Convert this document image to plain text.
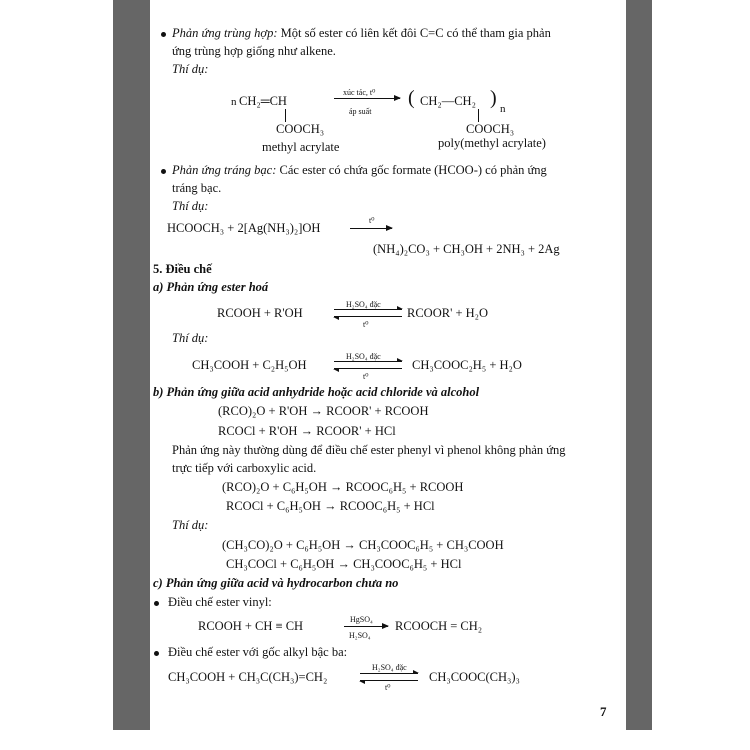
Phản ứng trùng hợp: Một số ester có liên kết đôi C=C có thể tham gia phản
ứng trùng hợp giống như alkene.
Thí dụ:
n CH₂═CH
COOCH₃
methyl acrylate
xúc tác, t⁰
áp suất
( CH₂—CH₂ ) n
COOCH₃
poly(methyl acrylate)
Phản ứng tráng bạc: Các ester có chứa gốc formate (HCOO-) có phản ứng
tráng bạc.
Thí dụ:
HCOOCH₃ + 2[Ag(NH₃)₂]OH
t⁰
(NH₄)₂CO₃ + CH₃OH + 2NH₃ + 2Ag
5. Điều chế
a) Phản ứng ester hoá
RCOOH + R'OH
H₂SO₄ đặc
t⁰
RCOOR' + H₂O
Thí dụ:
CH₃COOH + C₂H₅OH
H₂SO₄ đặc
t⁰
CH₃COOC₂H₅ + H₂O
b) Phản ứng giữa acid anhydride hoặc acid chloride và alcohol
(RCO)₂O + R'OH → RCOOR' + RCOOH
RCOCl + R'OH → RCOOR' + HCl
Phản ứng này thường dùng để điều chế ester phenyl vì phenol không phản ứng
trực tiếp với carboxylic acid.
(RCO)₂O + C₆H₅OH → RCOOC₆H₅ + RCOOH
RCOCl + C₆H₅OH → RCOOC₆H₅ + HCl
Thí dụ:
(CH₃CO)₂O + C₆H₅OH → CH₃COOC₆H₅ + CH₃COOH
CH₃COCl + C₆H₅OH → CH₃COOC₆H₅ + HCl
c) Phản ứng giữa acid và hydrocarbon chưa no
Điều chế ester vinyl:
RCOOH + CH ≡ CH	HgSO₄
H₂SO₄
RCOOCH = CH₂
Điều chế ester với gốc alkyl bậc ba:
CH₃COOH + CH₃C(CH₃)=CH₂
H₂SO₄ đặc
t⁰
CH₃COOC(CH₃)₃
7
